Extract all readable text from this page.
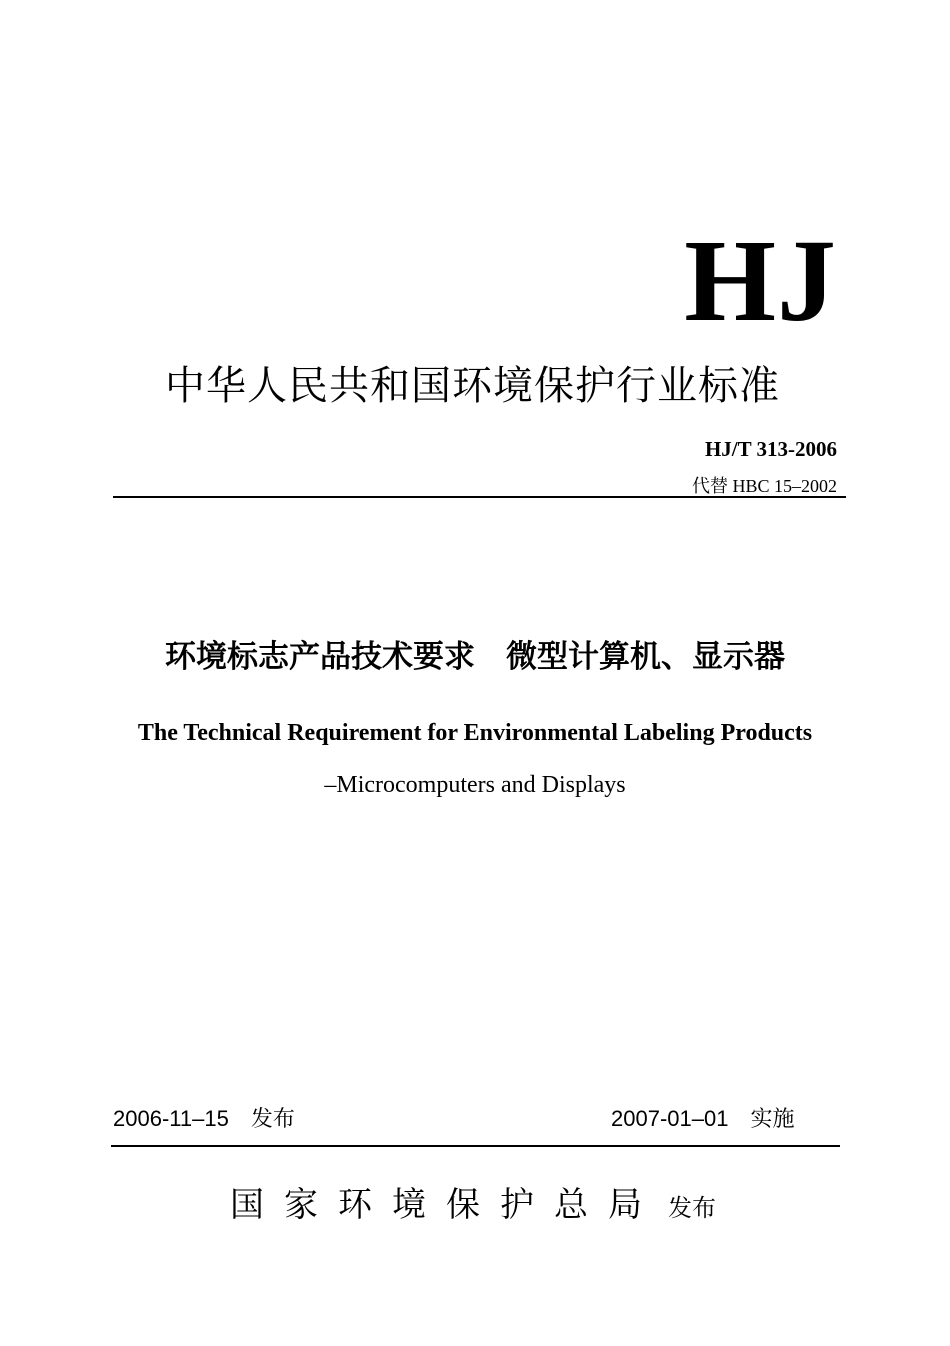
HJ
中华人民共和国环境保护行业标准
HJ/T 313-2006
代替 HBC 15–2002
环境标志产品技术要求　微型计算机、显示器
The Technical Requirement for Environmental Labeling Products
–Microcomputers and Displays
2006-11–15 发布	2007-01–01 实施
国家环境保护总局 发布
